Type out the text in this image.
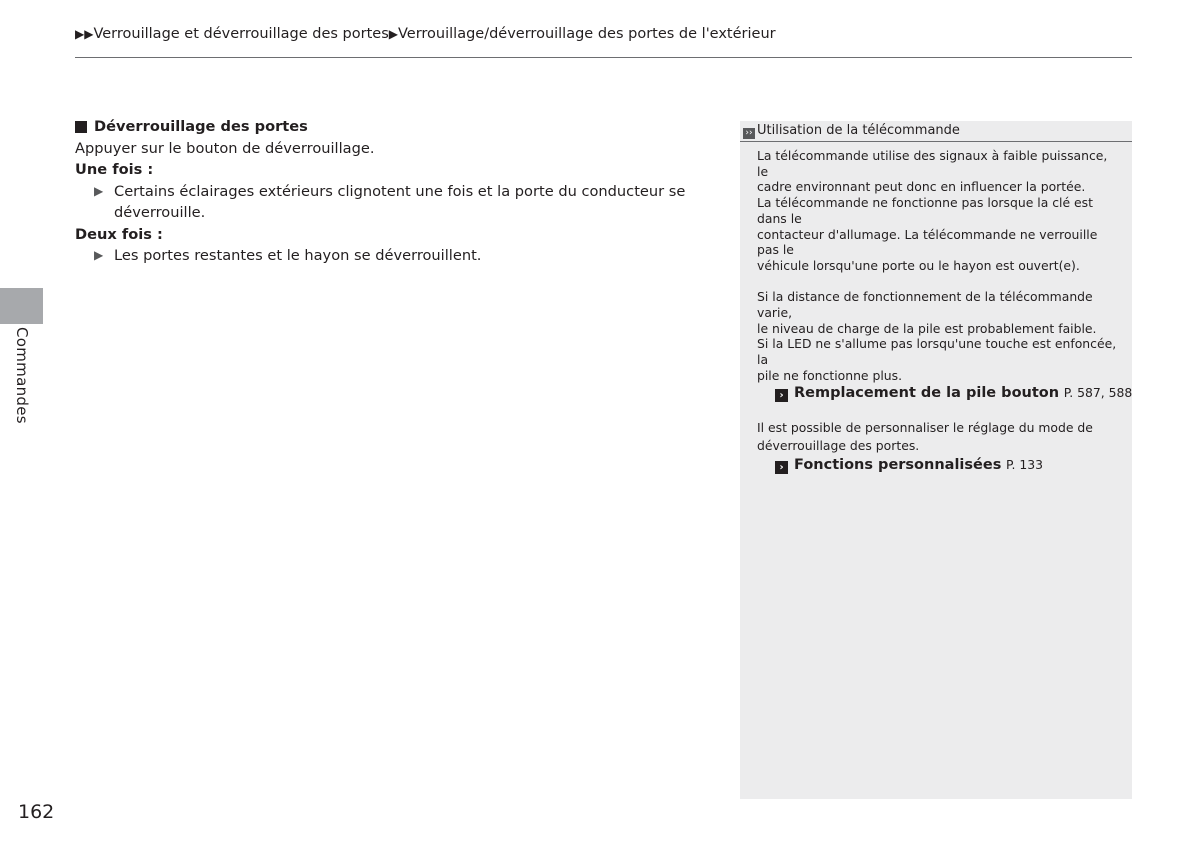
▶▶Verrouillage et déverrouillage des portes▶Verrouillage/déverrouillage des portes de l'extérieur
Commandes
162
Déverrouillage des portes
Appuyer sur le bouton de déverrouillage.
Une fois :
▶ Certains éclairages extérieurs clignotent une fois et la porte du conducteur se
déverrouille.
Deux fois :
▶ Les portes restantes et le hayon se déverrouillent.
›› Utilisation de la télécommande

La télécommande utilise des signaux à faible puissance, le

cadre environnant peut donc en influencer la portée.

La télécommande ne fonctionne pas lorsque la clé est dans le

contacteur d'allumage. La télécommande ne verrouille pas le

véhicule lorsqu'une porte ou le hayon est ouvert(e).

Si la distance de fonctionnement de la télécommande varie,

le niveau de charge de la pile est probablement faible.

Si la LED ne s'allume pas lorsqu'une touche est enfoncée, la

pile ne fonctionne plus.

› Remplacement de la pile bouton P. 587, 588

Il est possible de personnaliser le réglage du mode de

déverrouillage des portes.

› Fonctions personnalisées P. 133
